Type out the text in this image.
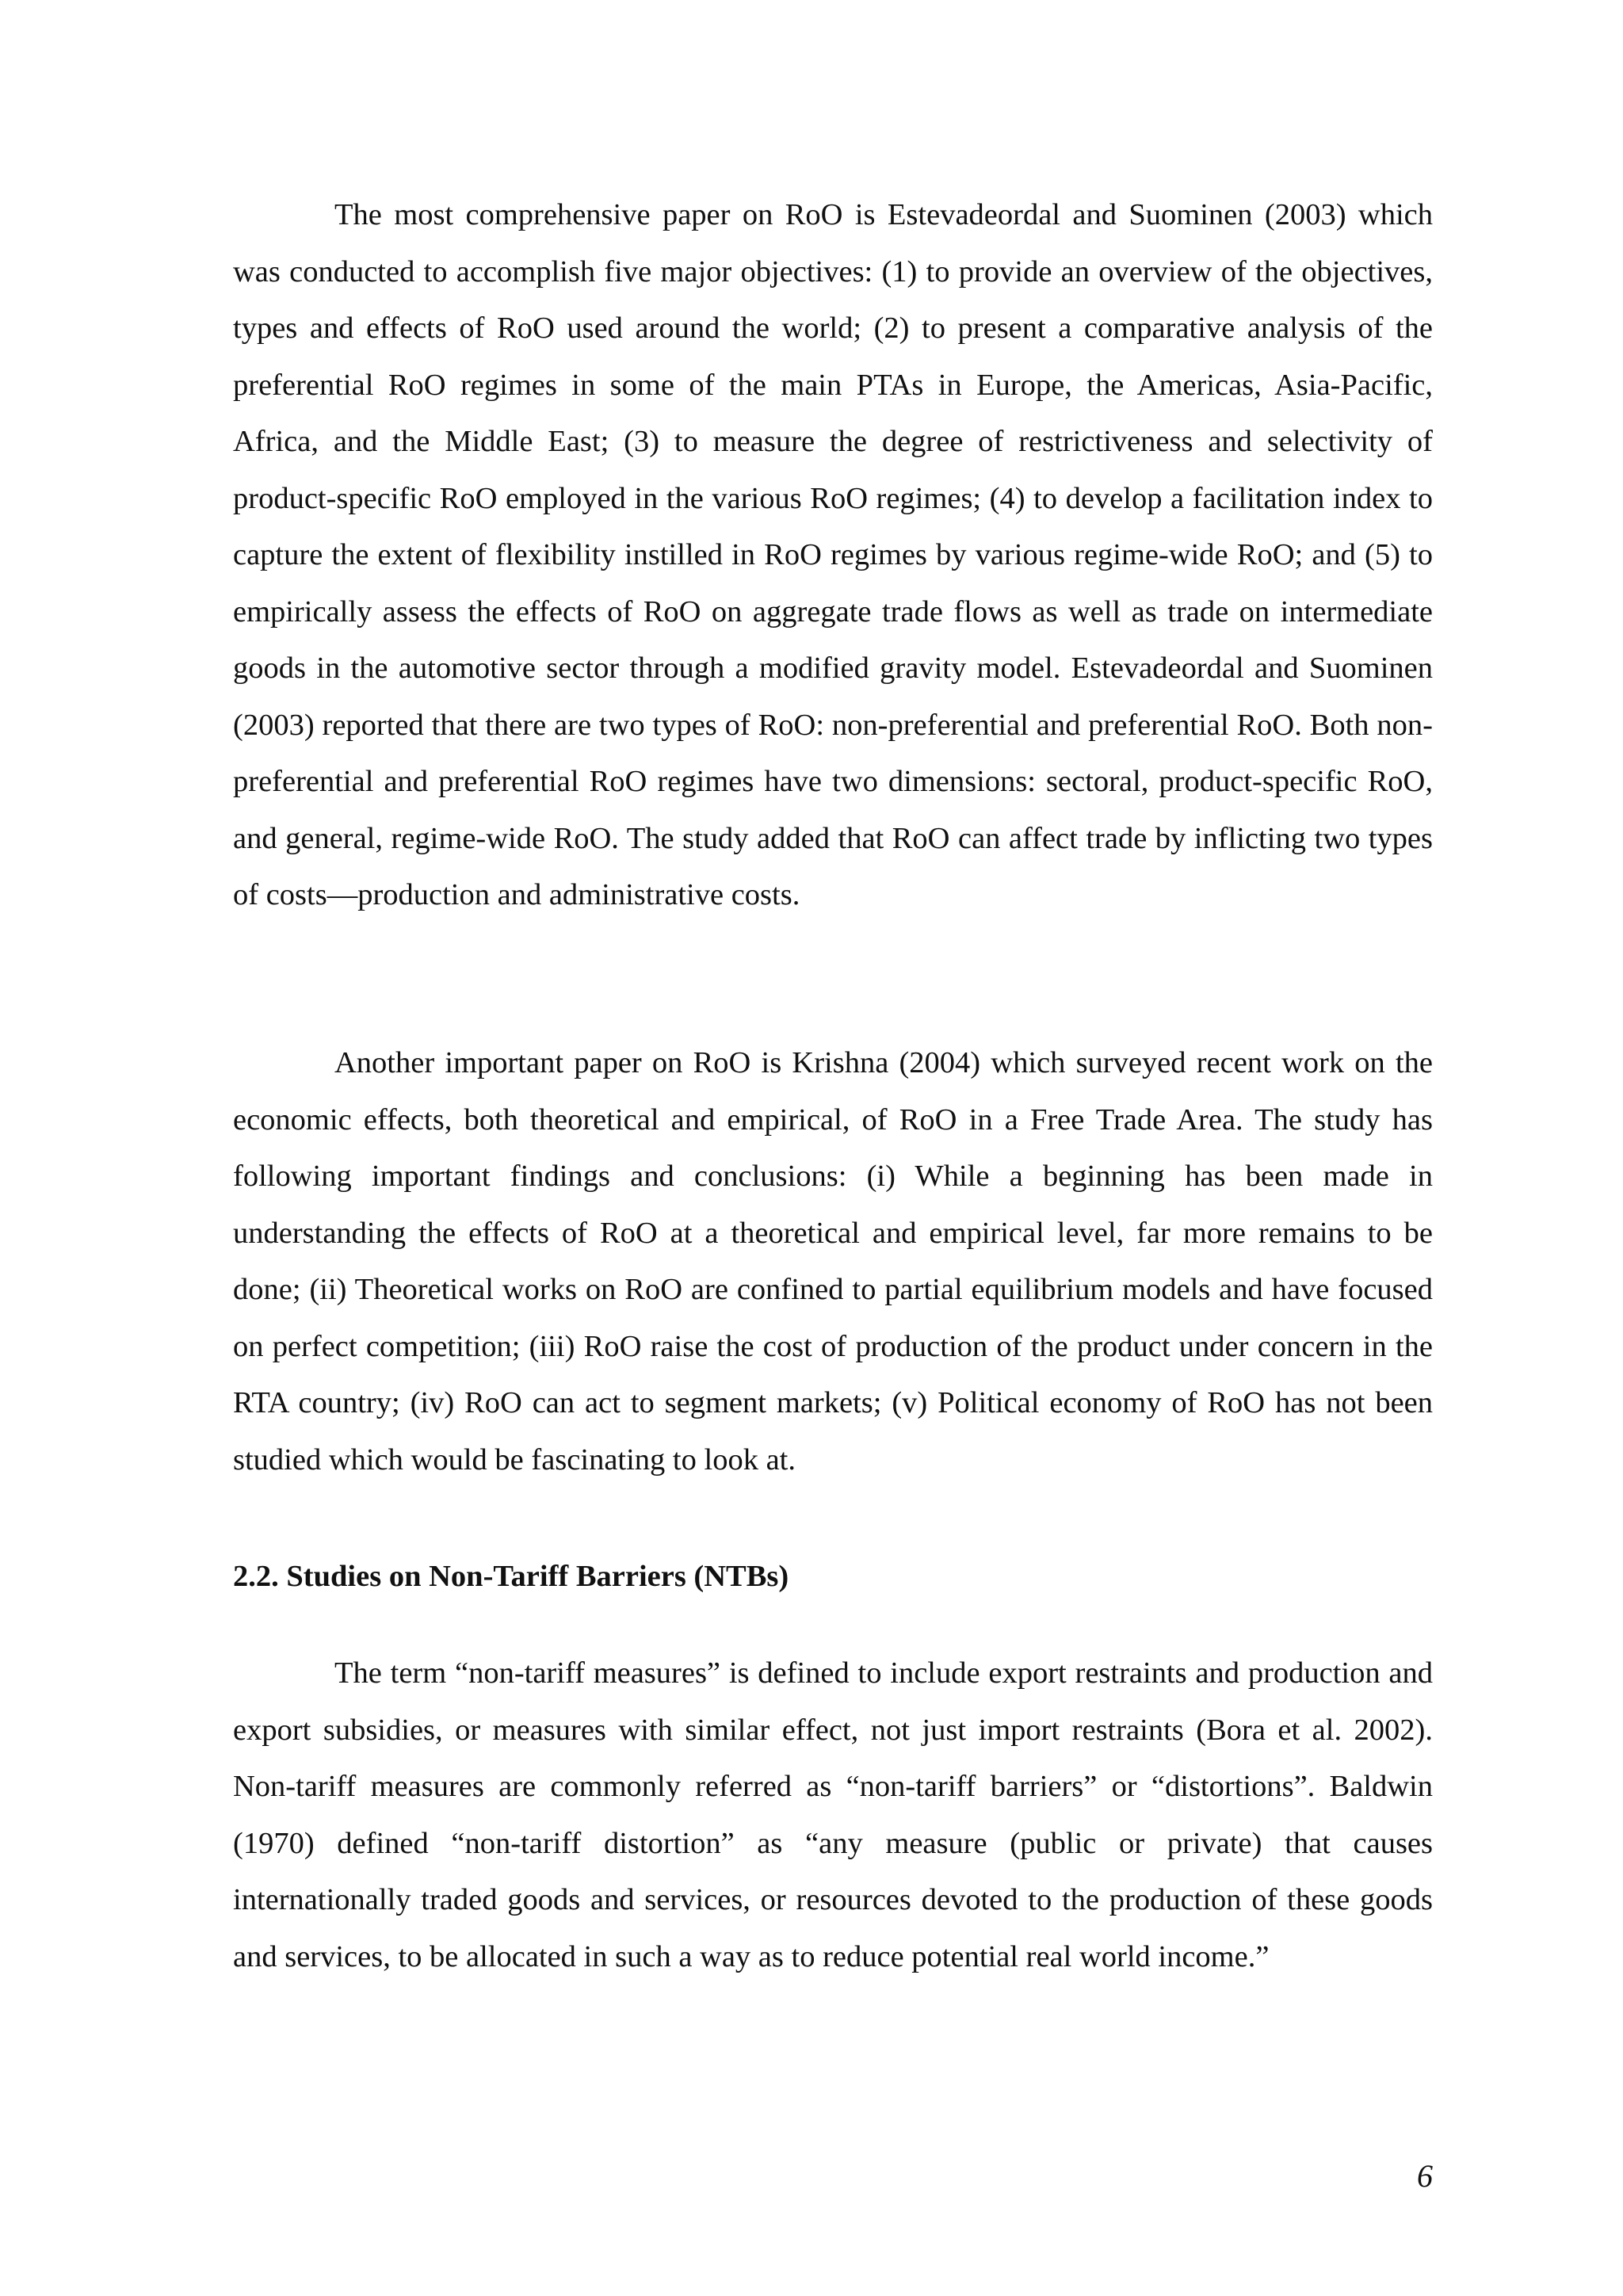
The most comprehensive paper on RoO is Estevadeordal and Suominen (2003) which was conducted to accomplish five major objectives: (1) to provide an overview of the objectives, types and effects of RoO used around the world; (2) to present a comparative analysis of the preferential RoO regimes in some of the main PTAs in Europe, the Americas, Asia-Pacific, Africa, and the Middle East; (3) to measure the degree of restrictiveness and selectivity of product-specific RoO employed in the various RoO regimes; (4) to develop a facilitation index to capture the extent of flexibility instilled in RoO regimes by various regime-wide RoO; and (5) to empirically assess the effects of RoO on aggregate trade flows as well as trade on intermediate goods in the automotive sector through a modified gravity model. Estevadeordal and Suominen (2003) reported that there are two types of RoO: non-preferential and preferential RoO. Both non-preferential and preferential RoO regimes have two dimensions: sectoral, product-specific RoO, and general, regime-wide RoO. The study added that RoO can affect trade by inflicting two types of costs—production and administrative costs.

Another important paper on RoO is Krishna (2004) which surveyed recent work on the economic effects, both theoretical and empirical, of RoO in a Free Trade Area. The study has following important findings and conclusions: (i) While a beginning has been made in understanding the effects of RoO at a theoretical and empirical level, far more remains to be done; (ii) Theoretical works on RoO are confined to partial equilibrium models and have focused on perfect competition; (iii) RoO raise the cost of production of the product under concern in the RTA country; (iv) RoO can act to segment markets; (v) Political economy of RoO has not been studied which would be fascinating to look at.

2.2. Studies on Non-Tariff Barriers (NTBs)

The term “non-tariff measures” is defined to include export restraints and production and export subsidies, or measures with similar effect, not just import restraints (Bora et al. 2002). Non-tariff measures are commonly referred as “non-tariff barriers” or “distortions”. Baldwin (1970) defined “non-tariff distortion” as “any measure (public or private) that causes internationally traded goods and services, or resources devoted to the production of these goods and services, to be allocated in such a way as to reduce potential real world income.”

6
